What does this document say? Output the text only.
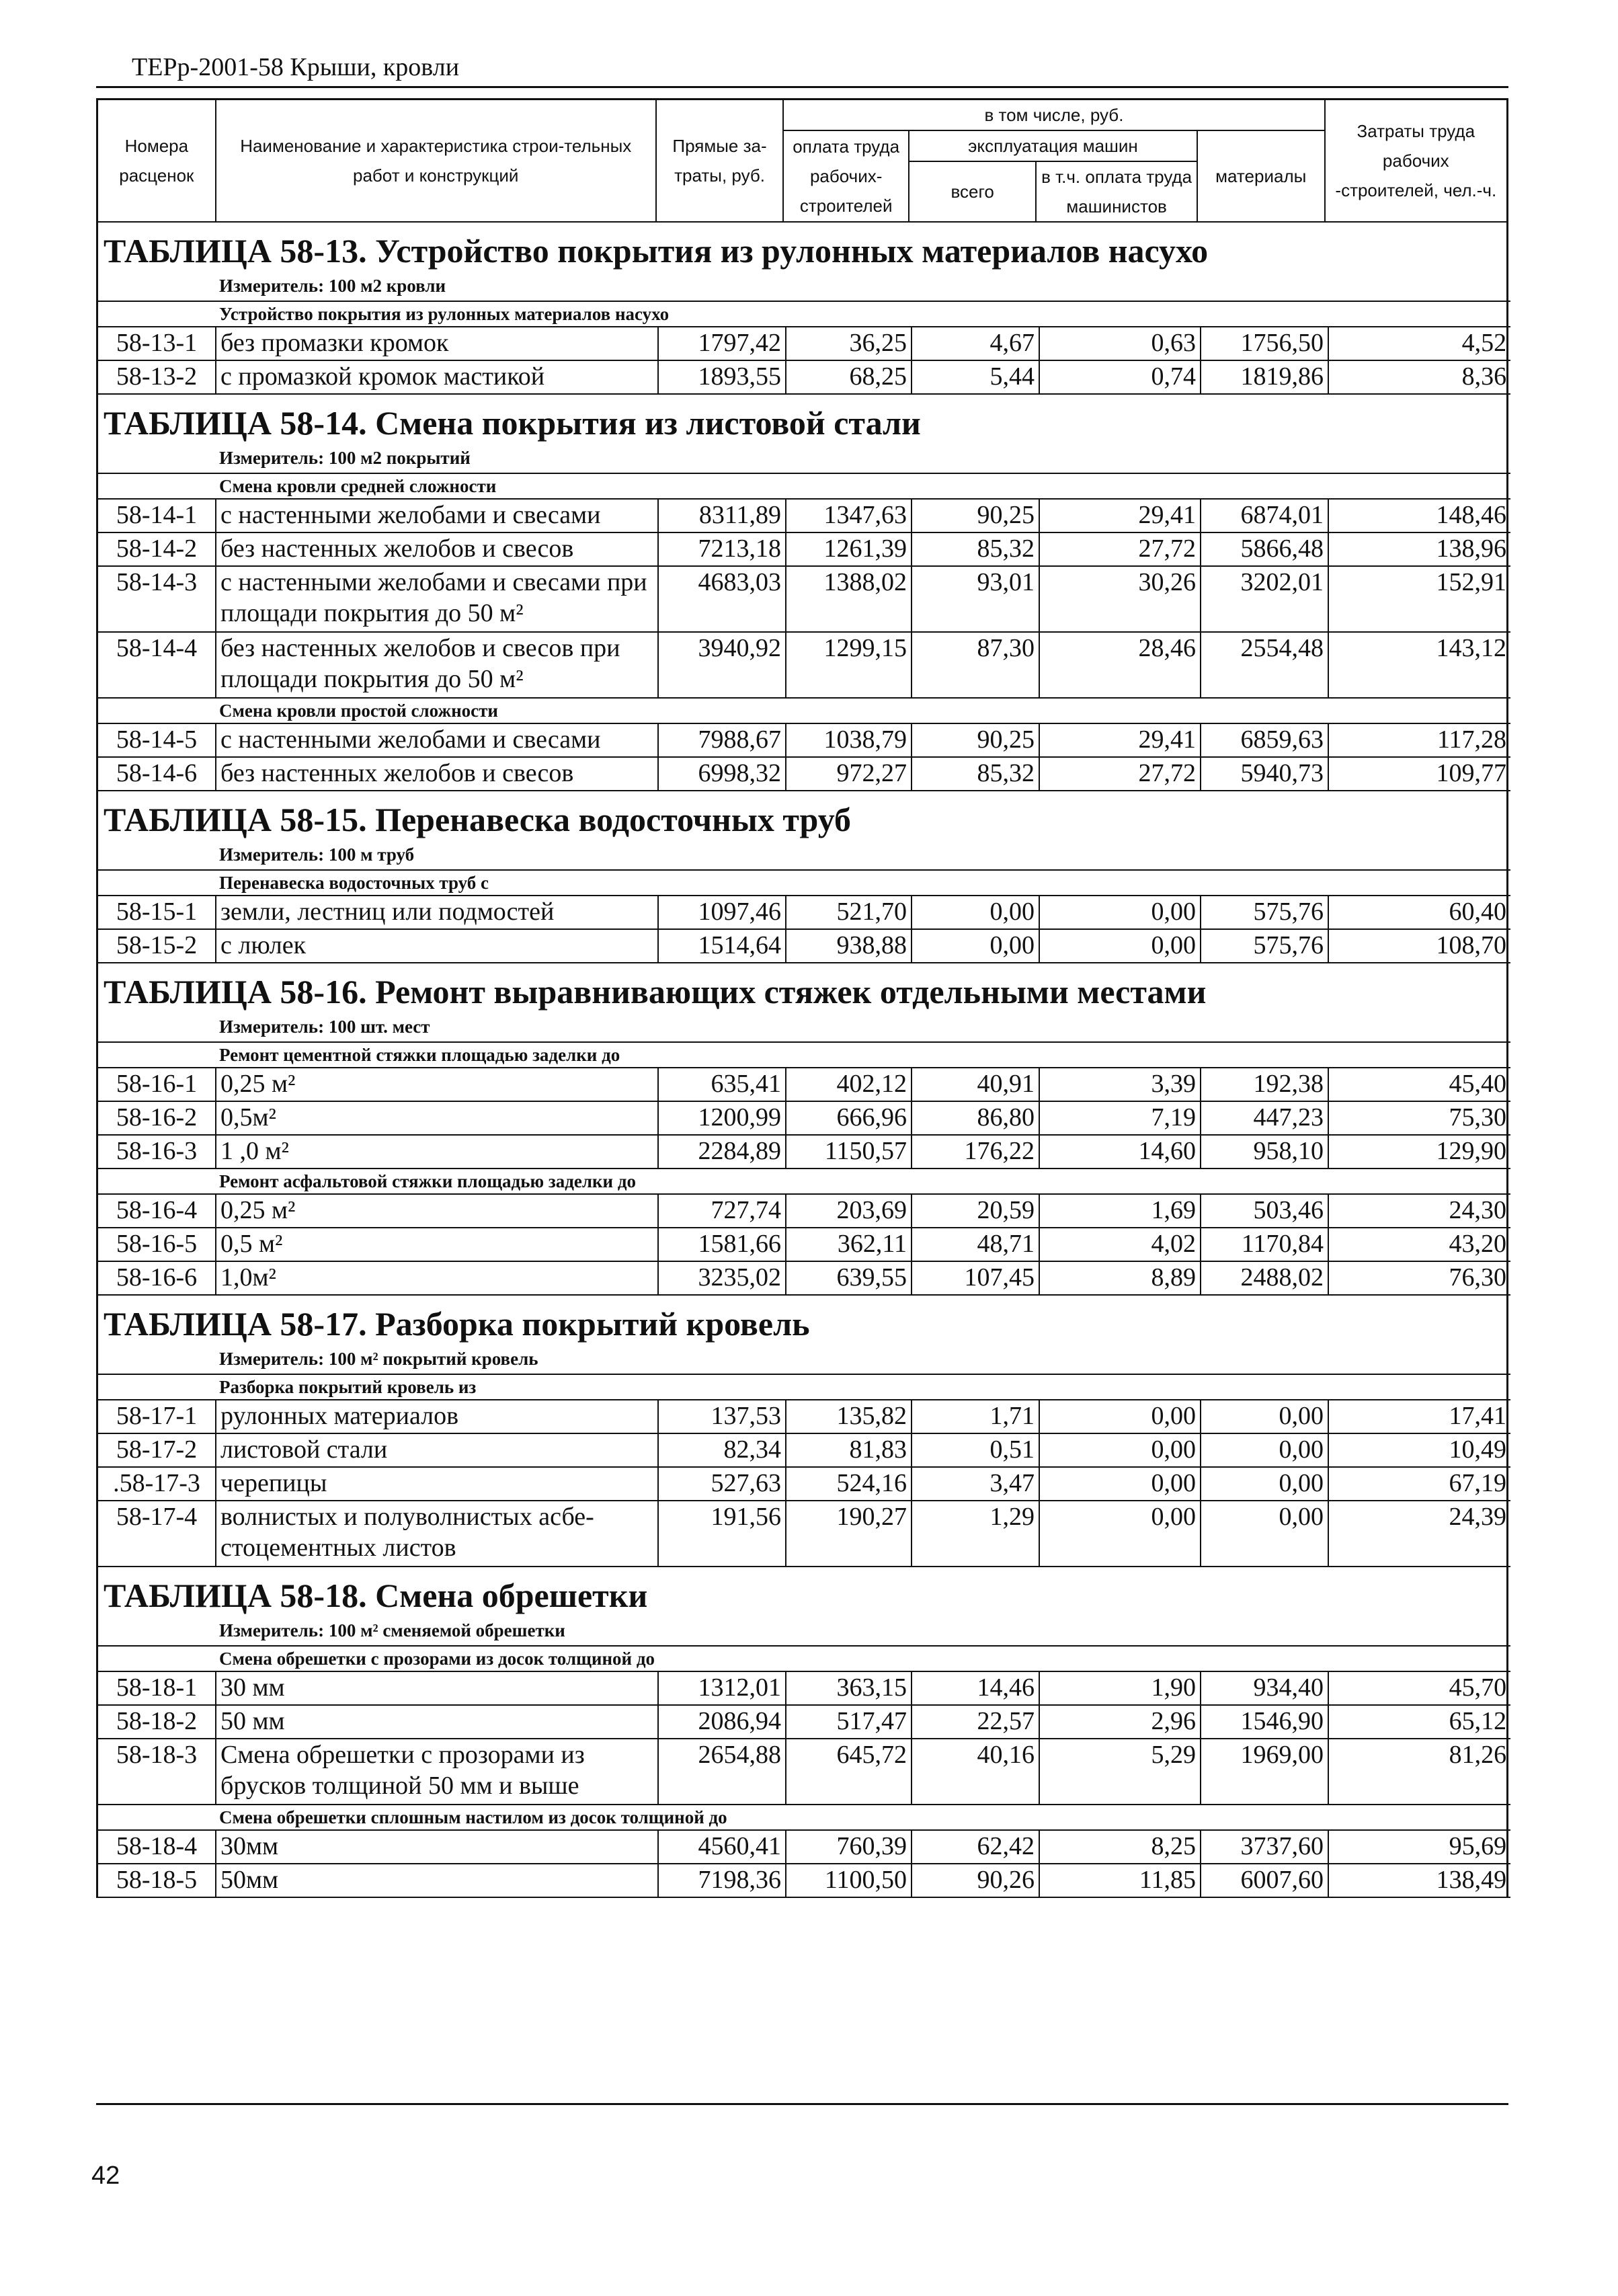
ТЕРр-2001-58 Крыши, кровли
Номера расценок	Наименование и характеристика строи-тельных работ и конструкций	Прямые за-траты, руб.	в том числе, руб.				Затраты труда рабочих -строителей, чел.-ч.
			оплата труда рабочих-строителей	эксплуатация машин		материалы	
				всего	в т.ч. оплата труда машинистов		

ТАБЛИЦА 58-13. Устройство покрытия из рулонных материалов насухо
Измеритель: 100 м2 кровли
Устройство покрытия из рулонных материалов насухо							
58-13-1	без промазки кромок	1797,42	36,25	4,67	0,63	1756,50	4,52
58-13-2	с промазкой кромок мастикой	1893,55	68,25	5,44	0,74	1819,86	8,36
ТАБЛИЦА 58-14. Смена покрытия из листовой стали
Измеритель: 100 м2 покрытий
Смена кровли средней сложности							
58-14-1	с настенными желобами и свесами	8311,89	1347,63	90,25	29,41	6874,01	148,46
58-14-2	без настенных желобов и свесов	7213,18	1261,39	85,32	27,72	5866,48	138,96
58-14-3	с настенными желобами и свесами при площади покрытия до 50 м²	4683,03	1388,02	93,01	30,26	3202,01	152,91
58-14-4	без настенных желобов и свесов при площади покрытия до 50 м²	3940,92	1299,15	87,30	28,46	2554,48	143,12
Смена кровли простой сложности							
58-14-5	с настенными желобами и свесами	7988,67	1038,79	90,25	29,41	6859,63	117,28
58-14-6	без настенных желобов и свесов	6998,32	972,27	85,32	27,72	5940,73	109,77
ТАБЛИЦА 58-15. Перенавеска водосточных труб
Измеритель: 100 м труб
Перенавеска водосточных труб с							
58-15-1	земли, лестниц или подмостей	1097,46	521,70	0,00	0,00	575,76	60,40
58-15-2	с люлек	1514,64	938,88	0,00	0,00	575,76	108,70
ТАБЛИЦА 58-16. Ремонт выравнивающих стяжек отдельными местами
Измеритель: 100 шт. мест
Ремонт цементной стяжки площадью заделки до							
58-16-1	0,25 м²	635,41	402,12	40,91	3,39	192,38	45,40
58-16-2	0,5м²	1200,99	666,96	86,80	7,19	447,23	75,30
58-16-3	1 ,0 м²	2284,89	1150,57	176,22	14,60	958,10	129,90
Ремонт асфальтовой стяжки площадью заделки до							
58-16-4	0,25 м²	727,74	203,69	20,59	1,69	503,46	24,30
58-16-5	0,5 м²	1581,66	362,11	48,71	4,02	1170,84	43,20
58-16-6	1,0м²	3235,02	639,55	107,45	8,89	2488,02	76,30
ТАБЛИЦА 58-17. Разборка покрытий кровель
Измеритель: 100 м² покрытий кровель
Разборка покрытий кровель из							
58-17-1	рулонных материалов	137,53	135,82	1,71	0,00	0,00	17,41
58-17-2	листовой стали	82,34	81,83	0,51	0,00	0,00	10,49
.58-17-3	черепицы	527,63	524,16	3,47	0,00	0,00	67,19
58-17-4	волнистых и полуволнистых асбе-стоцементных листов	191,56	190,27	1,29	0,00	0,00	24,39
ТАБЛИЦА 58-18. Смена обрешетки
Измеритель: 100 м² сменяемой обрешетки
Смена обрешетки с прозорами из досок толщиной до							
58-18-1	30 мм	1312,01	363,15	14,46	1,90	934,40	45,70
58-18-2	50 мм	2086,94	517,47	22,57	2,96	1546,90	65,12
58-18-3	Смена обрешетки с прозорами из брусков толщиной 50 мм и выше	2654,88	645,72	40,16	5,29	1969,00	81,26
Смена обрешетки сплошным настилом из досок толщиной до							
58-18-4	30мм	4560,41	760,39	62,42	8,25	3737,60	95,69
58-18-5	50мм	7198,36	1100,50	90,26	11,85	6007,60	138,49
42
